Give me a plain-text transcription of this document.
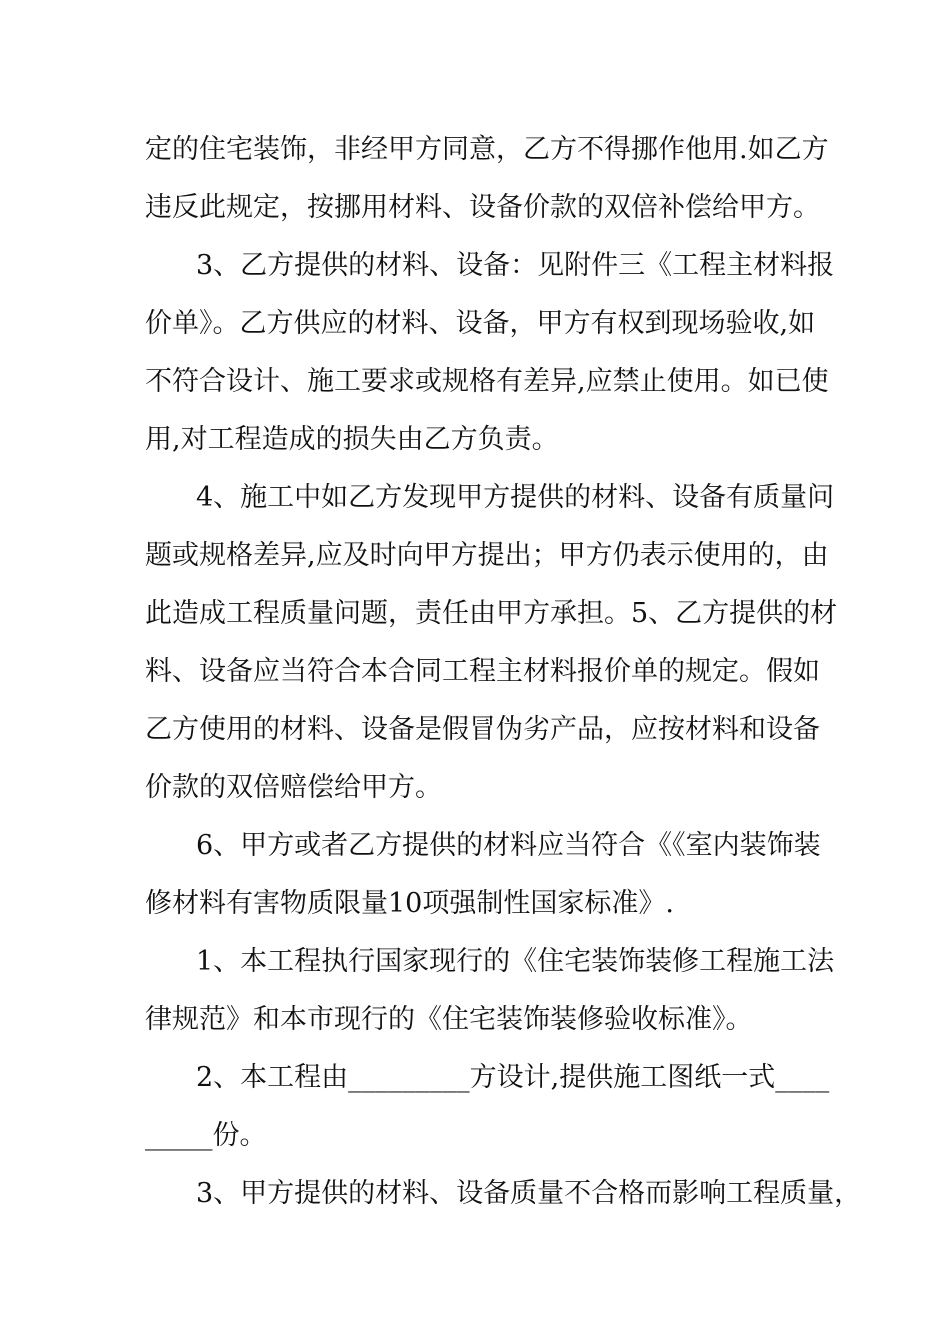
定的住宅装饰，非经甲方同意，乙方不得挪作他用.如乙方
违反此规定，按挪用材料、设备价款的双倍补偿给甲方。
3、乙方提供的材料、设备：见附件三《工程主材料报
价单》。乙方供应的材料、设备，甲方有权到现场验收,如
不符合设计、施工要求或规格有差异,应禁止使用。如已使
用,对工程造成的损失由乙方负责。
4、施工中如乙方发现甲方提供的材料、设备有质量问
题或规格差异,应及时向甲方提出；甲方仍表示使用的，由
此造成工程质量问题，责任由甲方承担。5、乙方提供的材
料、设备应当符合本合同工程主材料报价单的规定。假如
乙方使用的材料、设备是假冒伪劣产品，应按材料和设备
价款的双倍赔偿给甲方。
6、甲方或者乙方提供的材料应当符合《《室内装饰装
修材料有害物质限量10项强制性国家标准》.
1、本工程执行国家现行的《住宅装饰装修工程施工法
律规范》和本市现行的《住宅装饰装修验收标准》。
2、本工程由_________方设计,提供施工图纸一式____
_____份。
3、甲方提供的材料、设备质量不合格而影响工程质量，
